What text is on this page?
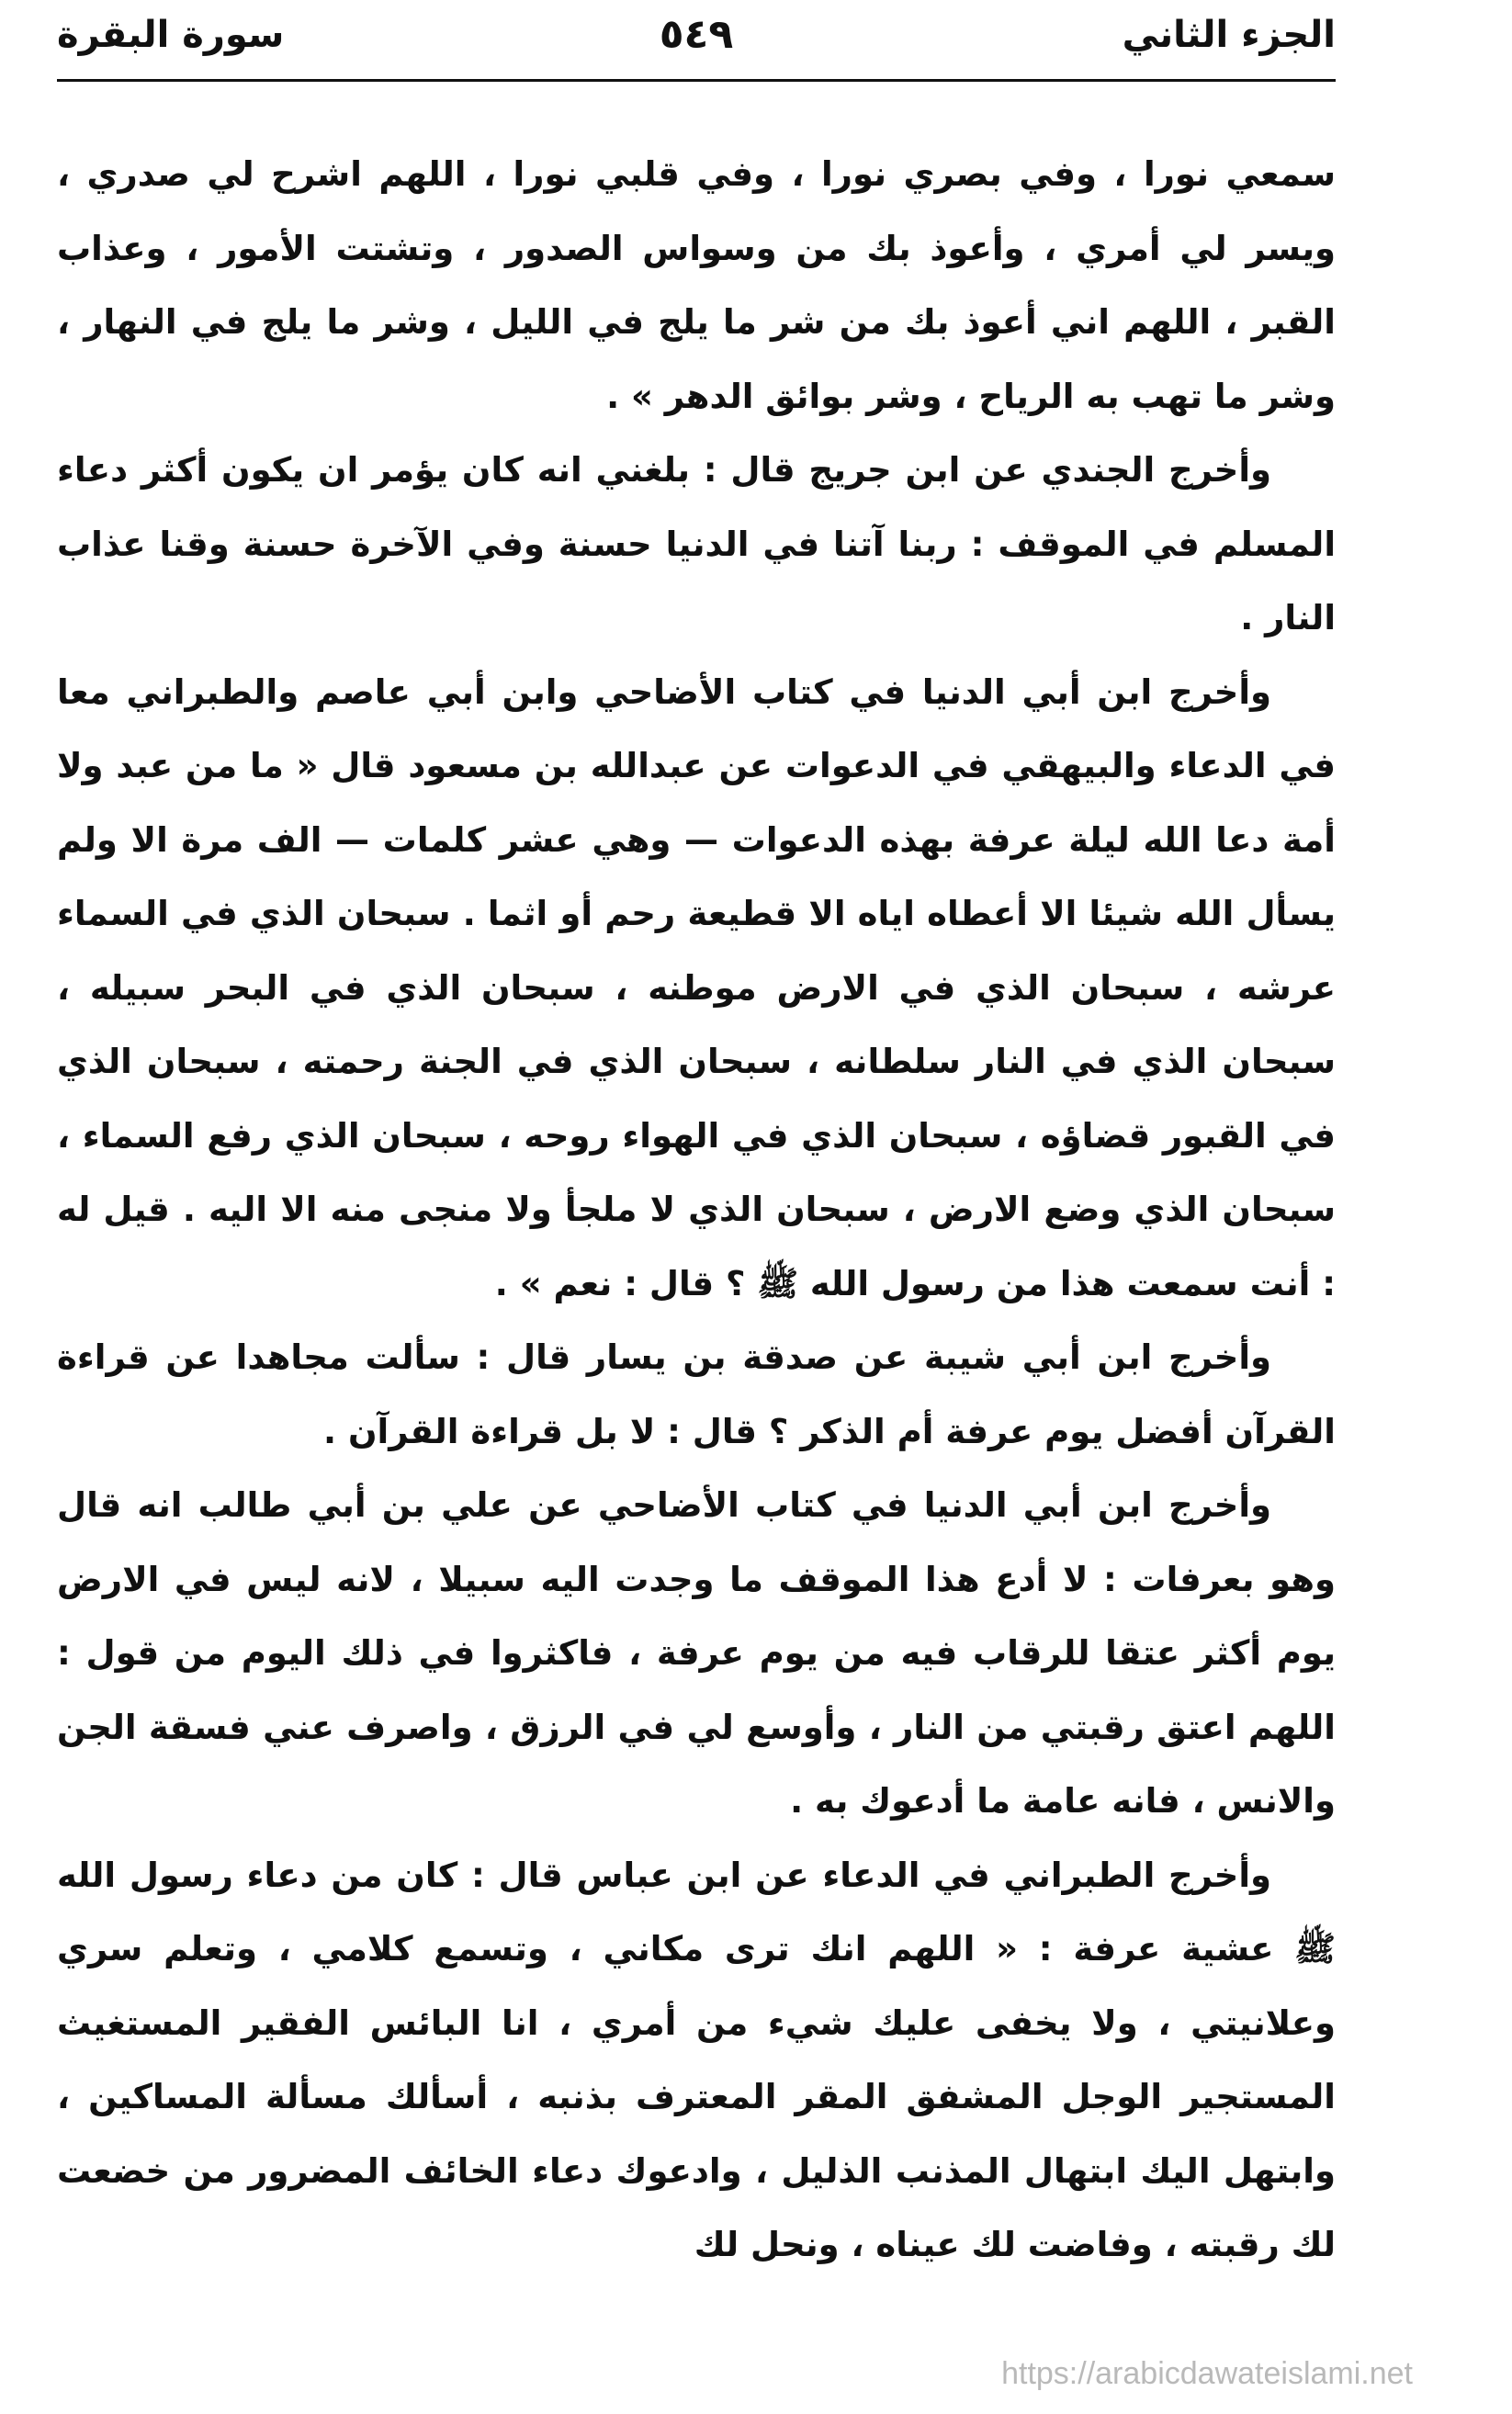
الجزء الثاني
٥٤٩
سورة البقرة

سمعي نورا ، وفي بصري نورا ، وفي قلبي نورا ، اللهم اشرح لي صدري ، ويسر لي أمري ، وأعوذ بك من وسواس الصدور ، وتشتت الأمور ، وعذاب القبر ، اللهم اني أعوذ بك من شر ما يلج في الليل ، وشر ما يلج في النهار ، وشر ما تهب به الرياح ، وشر بوائق الدهر » .

وأخرج الجندي عن ابن جريج قال : بلغني انه كان يؤمر ان يكون أكثر دعاء المسلم في الموقف : ربنا آتنا في الدنيا حسنة وفي الآخرة حسنة وقنا عذاب النار .

وأخرج ابن أبي الدنيا في كتاب الأضاحي وابن أبي عاصم والطبراني معا في الدعاء والبيهقي في الدعوات عن عبدالله بن مسعود قال « ما من عبد ولا أمة دعا الله ليلة عرفة بهذه الدعوات — وهي عشر كلمات — الف مرة الا ولم يسأل الله شيئا الا أعطاه اياه الا قطيعة رحم أو اثما . سبحان الذي في السماء عرشه ، سبحان الذي في الارض موطنه ، سبحان الذي في البحر سبيله ، سبحان الذي في النار سلطانه ، سبحان الذي في الجنة رحمته ، سبحان الذي في القبور قضاؤه ، سبحان الذي في الهواء روحه ، سبحان الذي رفع السماء ، سبحان الذي وضع الارض ، سبحان الذي لا ملجأ ولا منجى منه الا اليه . قيل له : أنت سمعت هذا من رسول الله ﷺ ؟ قال : نعم » .

وأخرج ابن أبي شيبة عن صدقة بن يسار قال : سألت مجاهدا عن قراءة القرآن أفضل يوم عرفة أم الذكر ؟ قال : لا بل قراءة القرآن .

وأخرج ابن أبي الدنيا في كتاب الأضاحي عن علي بن أبي طالب انه قال وهو بعرفات : لا أدع هذا الموقف ما وجدت اليه سبيلا ، لانه ليس في الارض يوم أكثر عتقا للرقاب فيه من يوم عرفة ، فاكثروا في ذلك اليوم من قول : اللهم اعتق رقبتي من النار ، وأوسع لي في الرزق ، واصرف عني فسقة الجن والانس ، فانه عامة ما أدعوك به .

وأخرج الطبراني في الدعاء عن ابن عباس قال : كان من دعاء رسول الله ﷺ عشية عرفة : « اللهم انك ترى مكاني ، وتسمع كلامي ، وتعلم سري وعلانيتي ، ولا يخفى عليك شيء من أمري ، انا البائس الفقير المستغيث المستجير الوجل المشفق المقر المعترف بذنبه ، أسألك مسألة المساكين ، وابتهل اليك ابتهال المذنب الذليل ، وادعوك دعاء الخائف المضرور من خضعت لك رقبته ، وفاضت لك عيناه ، ونحل لك

https://arabicdawateislami.net
